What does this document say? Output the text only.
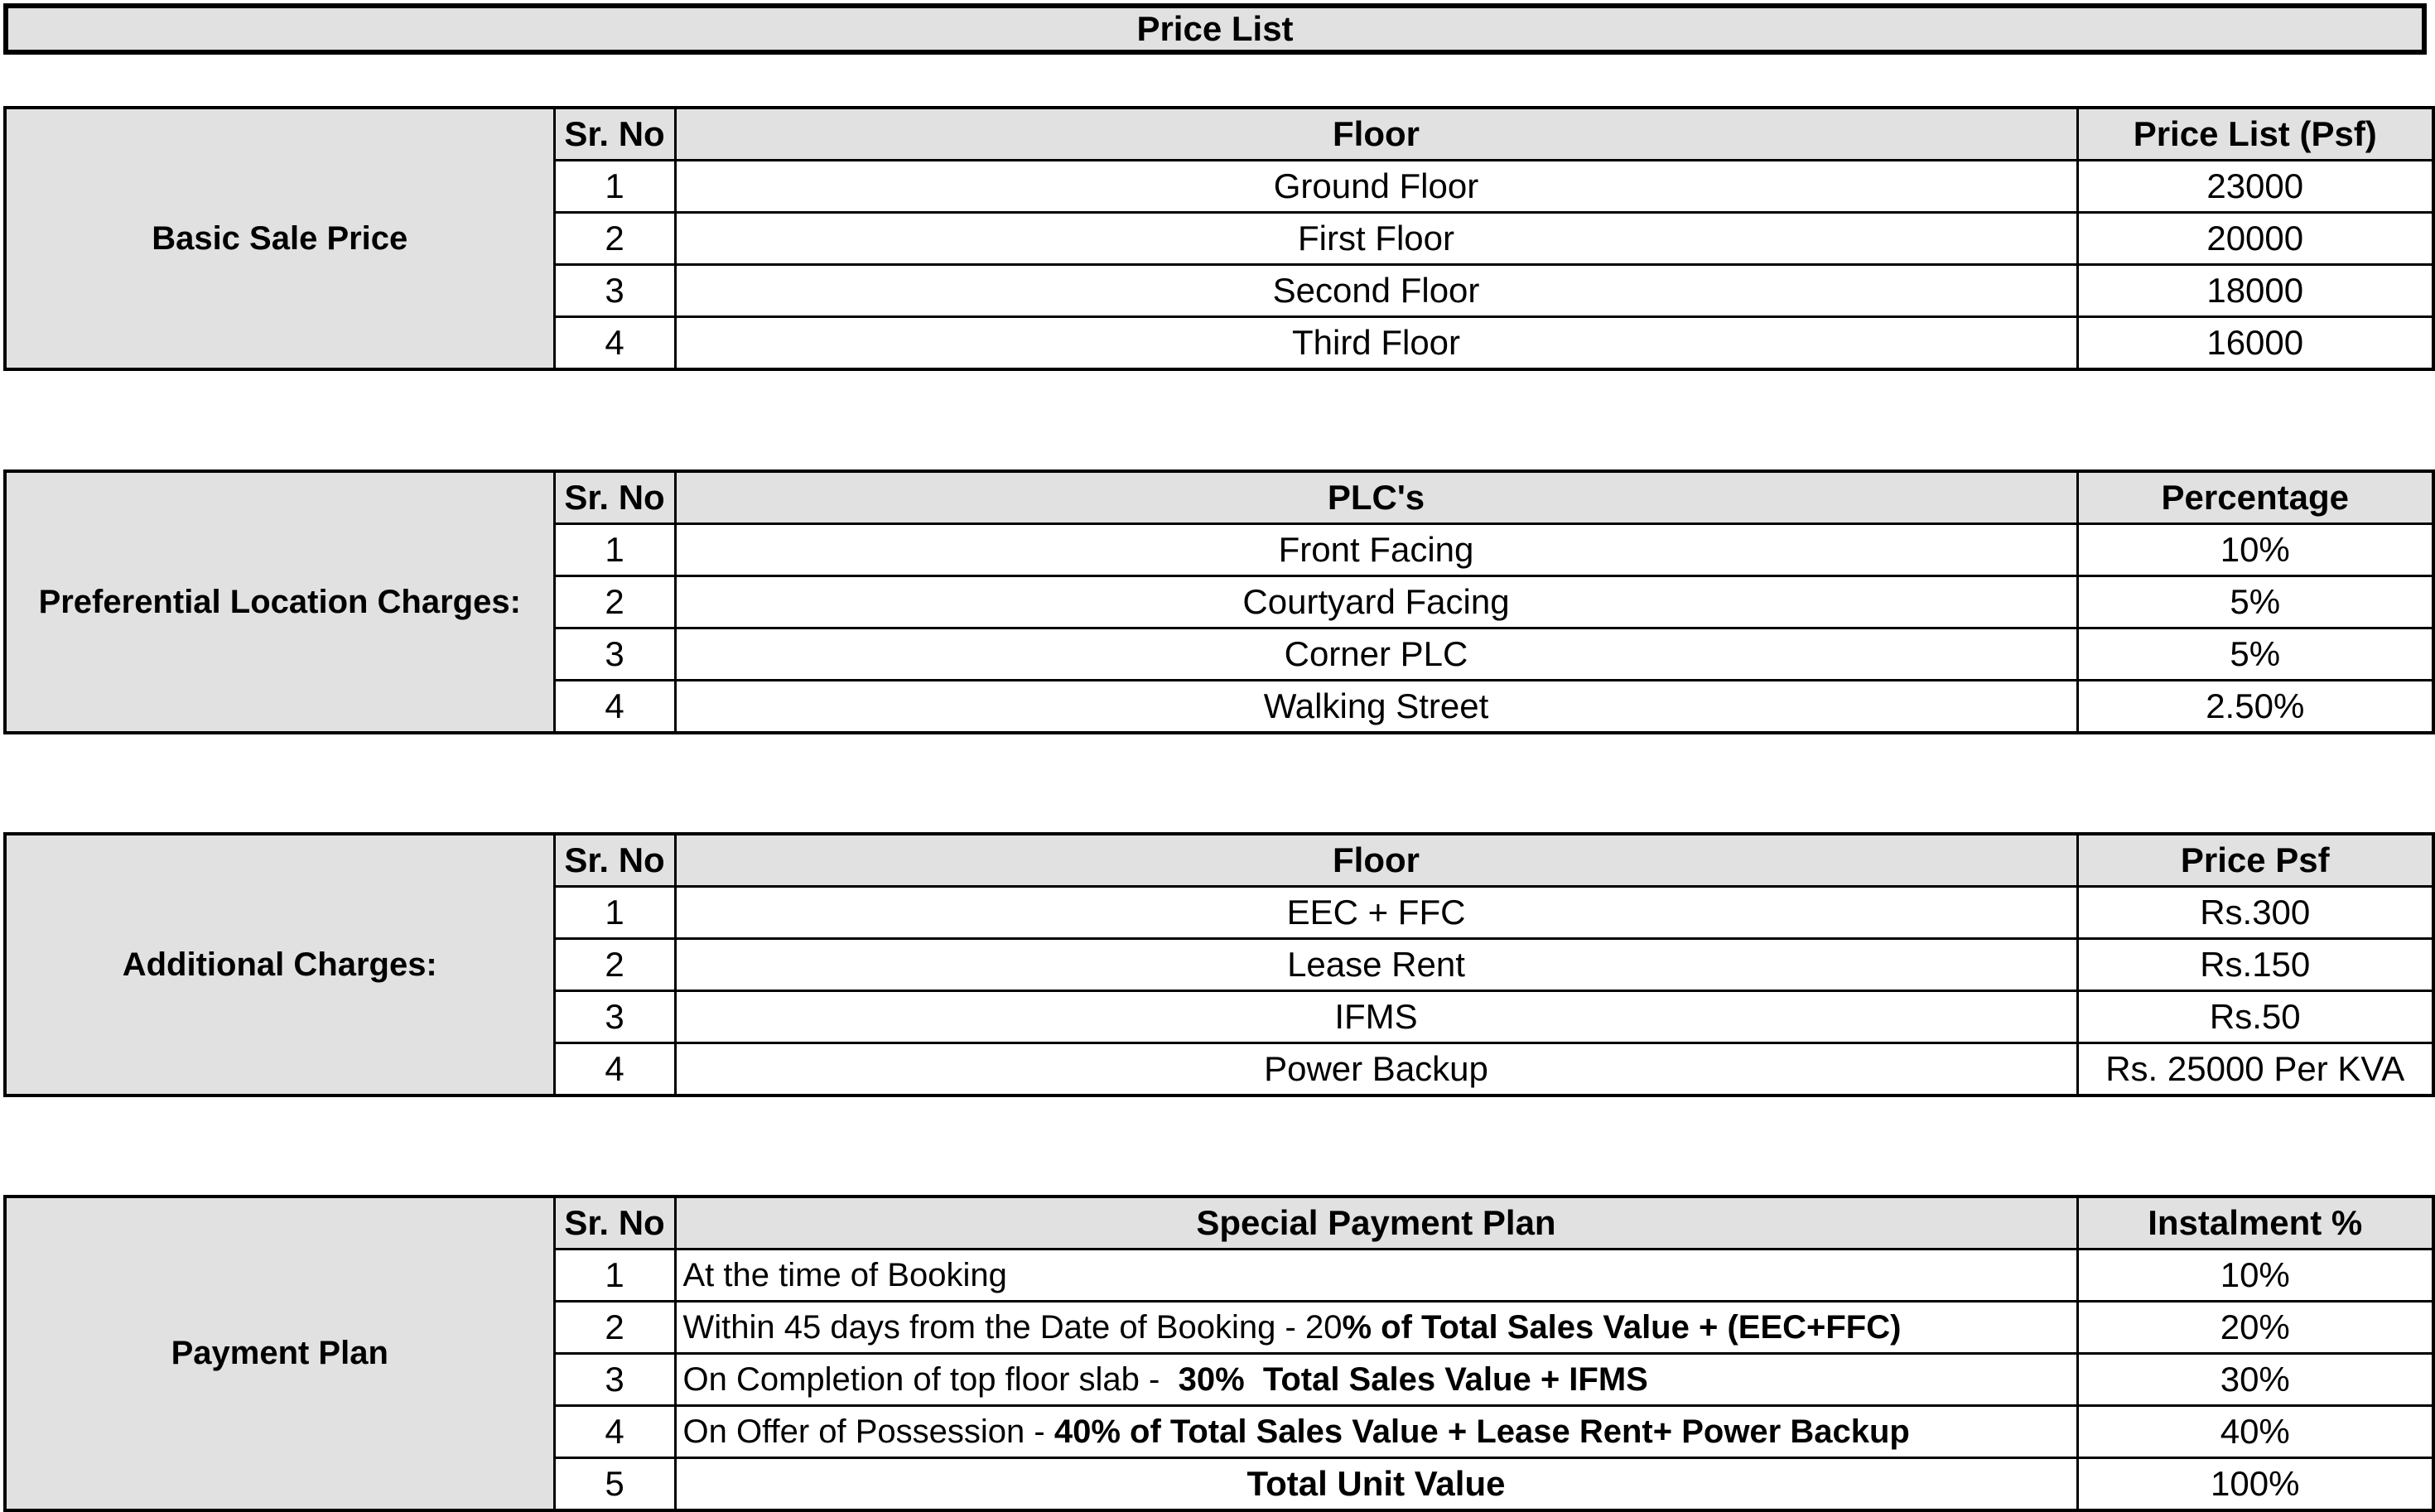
Price List
Basic Sale Price	Sr. No	Floor	Price List (Psf)
	1	Ground Floor	23000
	2	First Floor	20000
	3	Second Floor	18000
	4	Third Floor	16000
Preferential Location Charges:	Sr. No	PLC's	Percentage
	1	Front Facing	10%
	2	Courtyard Facing	5%
	3	Corner PLC	5%
	4	Walking Street	2.50%
Additional Charges:	Sr. No	Floor	Price Psf
	1	EEC + FFC	Rs.300
	2	Lease Rent	Rs.150
	3	IFMS	Rs.50
	4	Power Backup	Rs. 25000 Per KVA
Payment Plan	Sr. No	Special Payment Plan	Instalment %
	1	At the time of Booking	10%
	2	Within 45 days from the Date of Booking - 20% of Total Sales Value + (EEC+FFC)	20%
	3	On Completion of top floor slab -  30%  Total Sales Value + IFMS	30%
	4	On Offer of Possession - 40% of Total Sales Value + Lease Rent+ Power Backup	40%
	5	Total Unit Value	100%
